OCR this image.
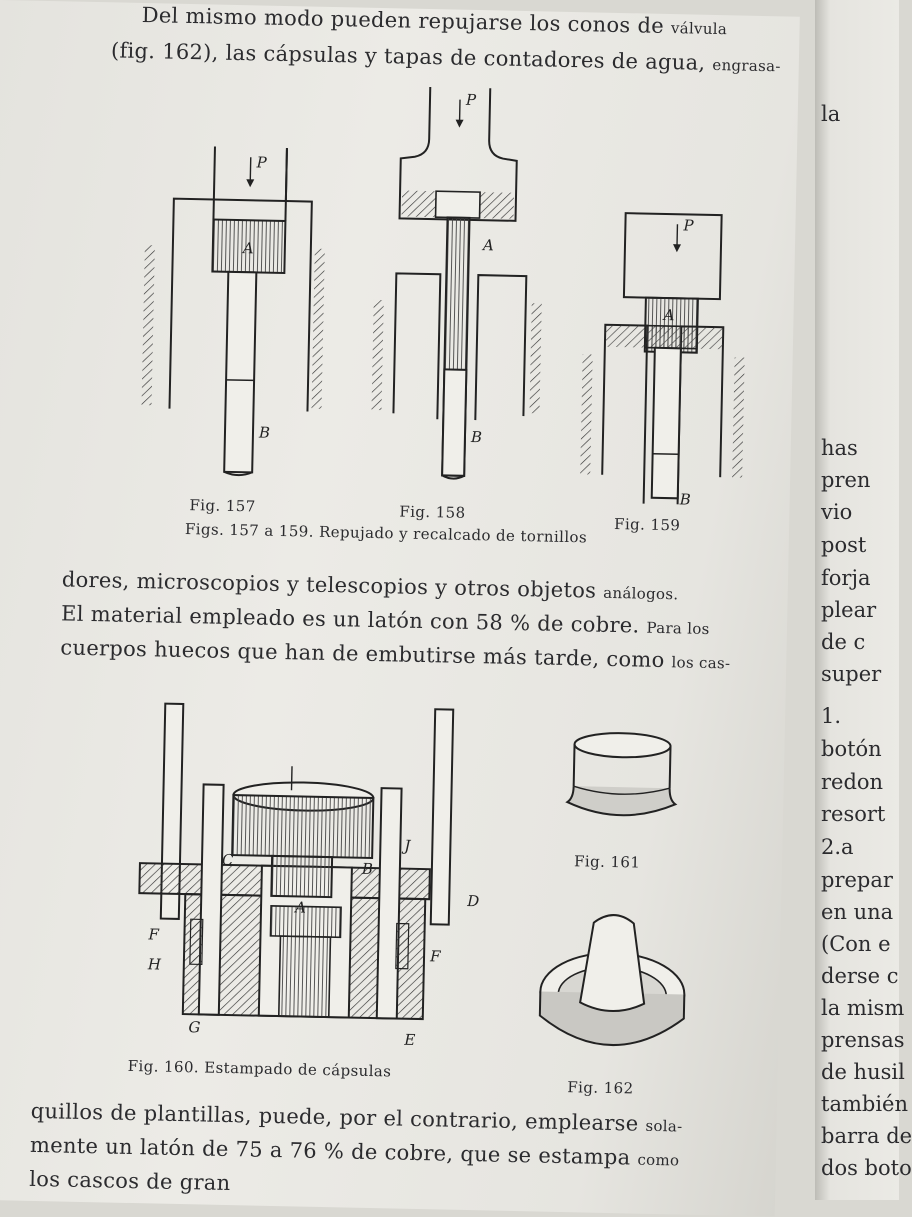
la
has
pren
vio
post
forja
plear
de c
super
1.
botón
redon
resort
2.a
prepar
en una
(Con e
derse c
la mism
prensas
de husil
también
barra de
dos boto
Del mismo modo pueden repujarse los conos de válvula
(fig. 162), las cápsulas y tapas de contadores de agua, engrasa-
P
A
B
P
A
B
P
A
B
Fig. 157	Fig. 158
Fig. 159
Figs. 157 a 159. Repujado y recalcado de tornillos
dores, microscopios y telescopios y otros objetos análogos.
El material empleado es un latón con 58 % de cobre. Para los
cuerpos huecos que han de embutirse más tarde, como los cas-
J
C	B
A	D
F
F
H
G
E
Fig. 161
Fig. 160. Estampado de cápsulas
Fig. 162
quillos de plantillas, puede, por el contrario, emplearse sola-
mente un latón de 75 a 76 % de cobre, que se estampa como
los cascos de gran
